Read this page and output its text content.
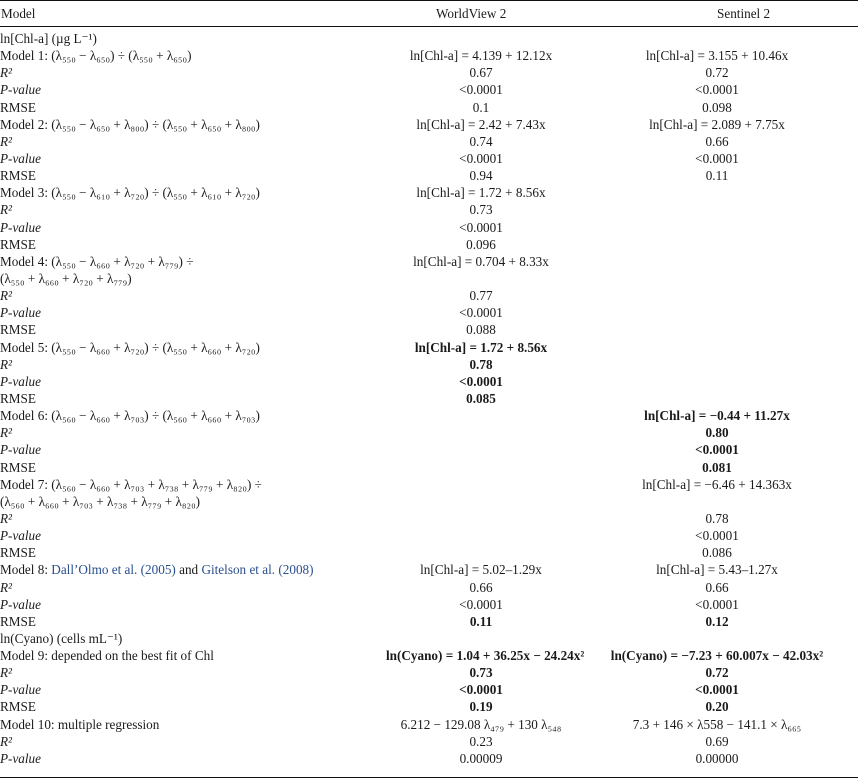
Model	WorldView 2	Sentinel 2
ln[Chl-a] (µg L⁻¹)		
Model 1: (λ₅₅₀ − λ₆₅₀) ÷ (λ₅₅₀ + λ₆₅₀)	ln[Chl-a] = 4.139 + 12.12x	ln[Chl-a] = 3.155 + 10.46x
R²	0.67	0.72
P-value	<0.0001	<0.0001
RMSE	0.1	0.098
Model 2: (λ₅₅₀ − λ₆₅₀ + λ₈₀₀) ÷ (λ₅₅₀ + λ₆₅₀ + λ₈₀₀)	ln[Chl-a] = 2.42 + 7.43x	ln[Chl-a] = 2.089 + 7.75x
R²	0.74	0.66
P-value	<0.0001	<0.0001
RMSE	0.94	0.11
Model 3: (λ₅₅₀ − λ₆₁₀ + λ₇₂₀) ÷ (λ₅₅₀ + λ₆₁₀ + λ₇₂₀)	ln[Chl-a] = 1.72 + 8.56x	
R²	0.73	
P-value	<0.0001	
RMSE	0.096	
Model 4: (λ₅₅₀ − λ₆₆₀ + λ₇₂₀ + λ₇₇₉) ÷	ln[Chl-a] = 0.704 + 8.33x	
(λ₅₅₀ + λ₆₆₀ + λ₇₂₀ + λ₇₇₉)		
R²	0.77	
P-value	<0.0001	
RMSE	0.088	
Model 5: (λ₅₅₀ − λ₆₆₀ + λ₇₂₀) ÷ (λ₅₅₀ + λ₆₆₀ + λ₇₂₀)	ln[Chl-a] = 1.72 + 8.56x	
R²	0.78	
P-value	<0.0001	
RMSE	0.085	
Model 6: (λ₅₆₀ − λ₆₆₀ + λ₇₀₃) ÷ (λ₅₆₀ + λ₆₆₀ + λ₇₀₃)		ln[Chl-a] = −0.44 + 11.27x
R²		0.80
P-value		<0.0001
RMSE		0.081
Model 7: (λ₅₆₀ − λ₆₆₀ + λ₇₀₃ + λ₇₃₈ + λ₇₇₉ + λ₈₂₀) ÷		ln[Chl-a] = −6.46 + 14.363x
(λ₅₆₀ + λ₆₆₀ + λ₇₀₃ + λ₇₃₈ + λ₇₇₉ + λ₈₂₀)		
R²		0.78
P-value		<0.0001
RMSE		0.086
Model 8: Dall’Olmo et al. (2005) and Gitelson et al. (2008)	ln[Chl-a] = 5.02–1.29x	ln[Chl-a] = 5.43–1.27x
R²	0.66	0.66
P-value	<0.0001	<0.0001
RMSE	0.11	0.12
ln(Cyano) (cells mL⁻¹)		
Model 9: depended on the best fit of Chl	ln(Cyano) = 1.04 + 36.25x − 24.24x²	ln(Cyano) = −7.23 + 60.007x − 42.03x²
R²	0.73	0.72
P-value	<0.0001	<0.0001
RMSE	0.19	0.20
Model 10: multiple regression	6.212 − 129.08 λ₄₇₉ + 130 λ₅₄₈	7.3 + 146 × λ558 − 141.1 × λ₆₆₅
R²	0.23	0.69
P-value	0.00009	0.00000
